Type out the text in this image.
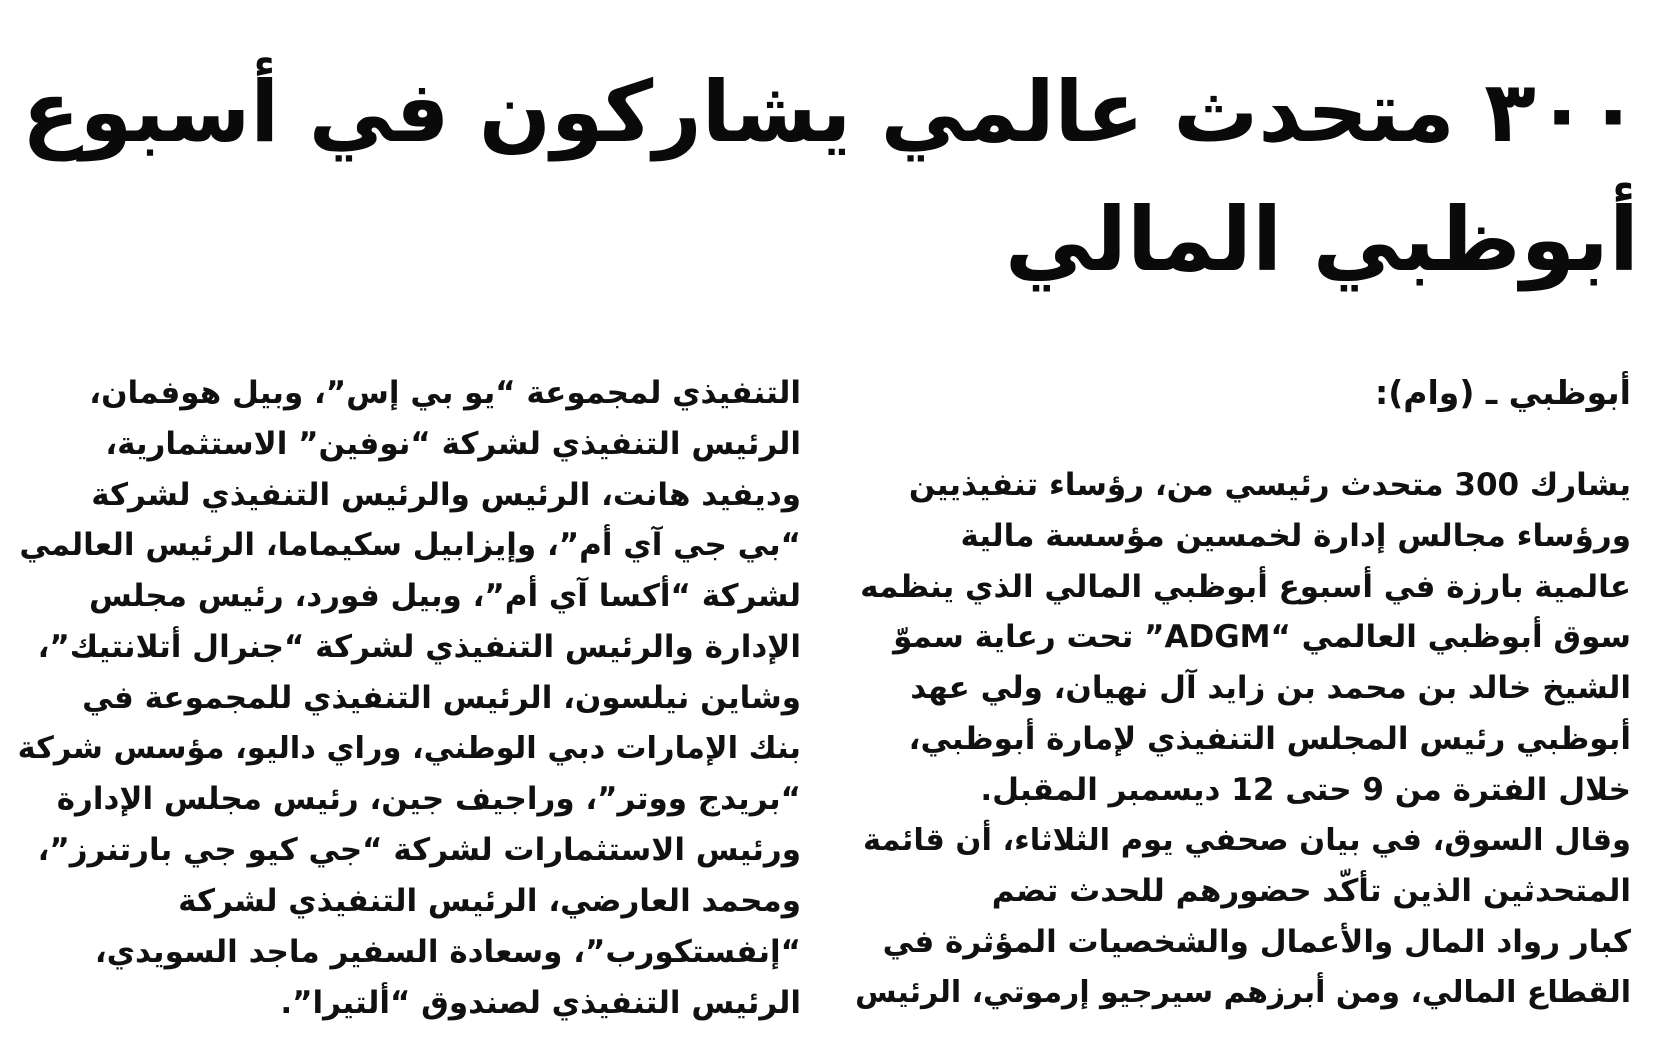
٣٠٠ متحدث عالمي يشاركون في أسبوع
أبوظبي المالي
أبوظبي ـ (وام):
يشارك 300 متحدث رئيسي من، رؤساء تنفيذيين
ورؤساء مجالس إدارة لخمسين مؤسسة مالية
عالمية بارزة في أسبوع أبوظبي المالي الذي ينظمه
سوق أبوظبي العالمي “ADGM” تحت رعاية سموّ
الشيخ خالد بن محمد بن زايد آل نهيان، ولي عهد
أبوظبي رئيس المجلس التنفيذي لإمارة أبوظبي،
خلال الفترة من 9 حتى 12 ديسمبر المقبل.
وقال السوق، في بيان صحفي يوم الثلاثاء، أن قائمة
المتحدثين الذين تأكّد حضورهم للحدث تضم
كبار رواد المال والأعمال والشخصيات المؤثرة في
القطاع المالي، ومن أبرزهم سيرجيو إرموتي، الرئيس
التنفيذي لمجموعة “يو بي إس”، وبيل هوفمان،
الرئيس التنفيذي لشركة “نوفين” الاستثمارية،
وديفيد هانت، الرئيس والرئيس التنفيذي لشركة
“بي جي آي أم”، وإيزابيل سكيماما، الرئيس العالمي
لشركة “أكسا آي أم”، وبيل فورد، رئيس مجلس
الإدارة والرئيس التنفيذي لشركة “جنرال أتلانتيك”،
وشاين نيلسون، الرئيس التنفيذي للمجموعة في
بنك الإمارات دبي الوطني، وراي داليو، مؤسس شركة
“بريدج ووتر”، وراجيف جين، رئيس مجلس الإدارة
ورئيس الاستثمارات لشركة “جي كيو جي بارتنرز”،
ومحمد العارضي، الرئيس التنفيذي لشركة
“إنفستكورب”، وسعادة السفير ماجد السويدي،
الرئيس التنفيذي لصندوق “ألتيرا”.
